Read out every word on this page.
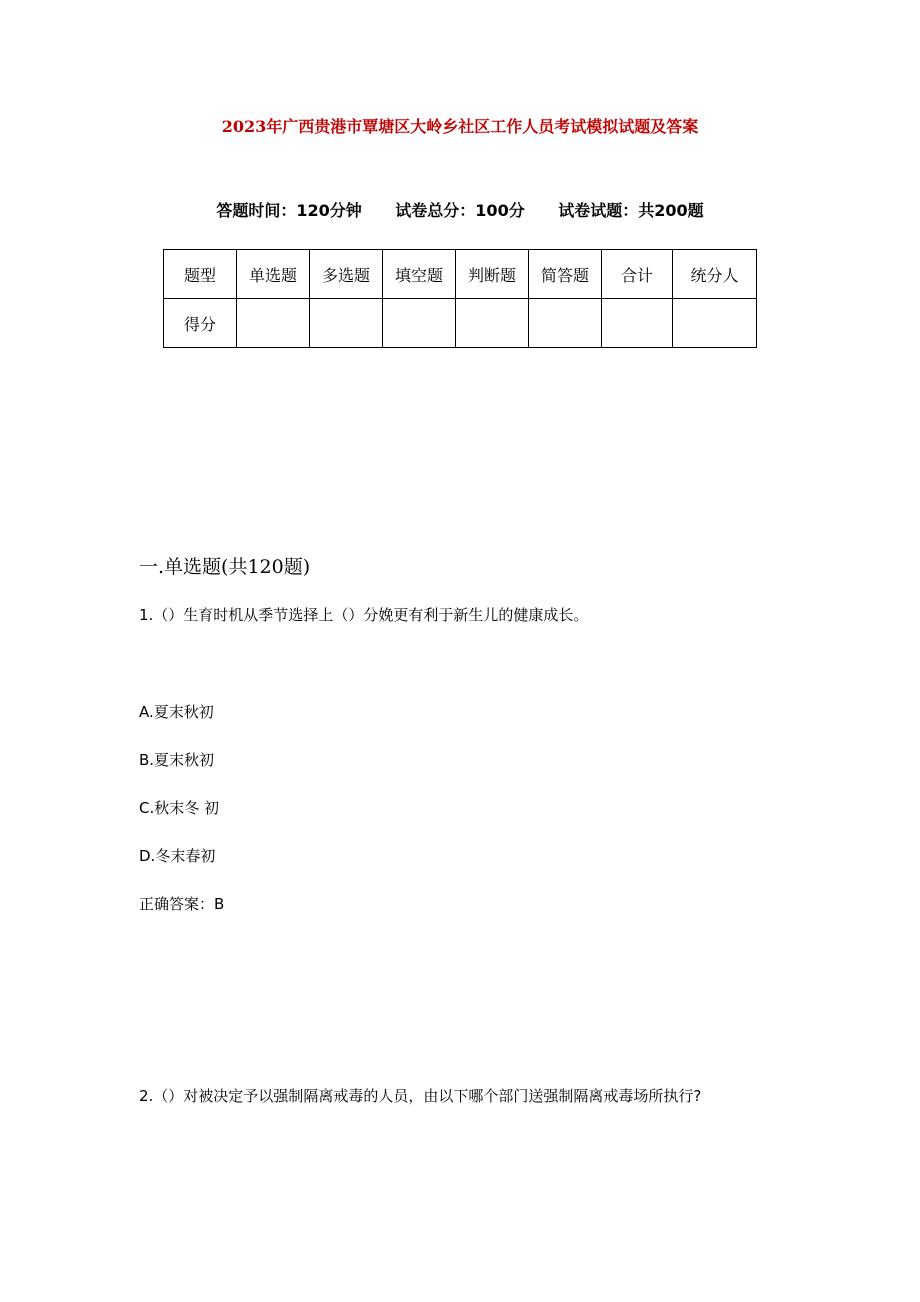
2023年广西贵港市覃塘区大岭乡社区工作人员考试模拟试题及答案
答题时间：120分钟 试卷总分：100分 试卷试题：共200题
题型	单选题	多选题	填空题	判断题	简答题	合计	统分人
得分							
一.单选题(共120题)
1.（）生育时机从季节选择上（）分娩更有利于新生儿的健康成长。
A.夏末秋初
B.夏末秋初
C.秋末冬 初
D.冬末春初
正确答案：B
2.（）对被决定予以强制隔离戒毒的人员，由以下哪个部门送强制隔离戒毒场所执行?
